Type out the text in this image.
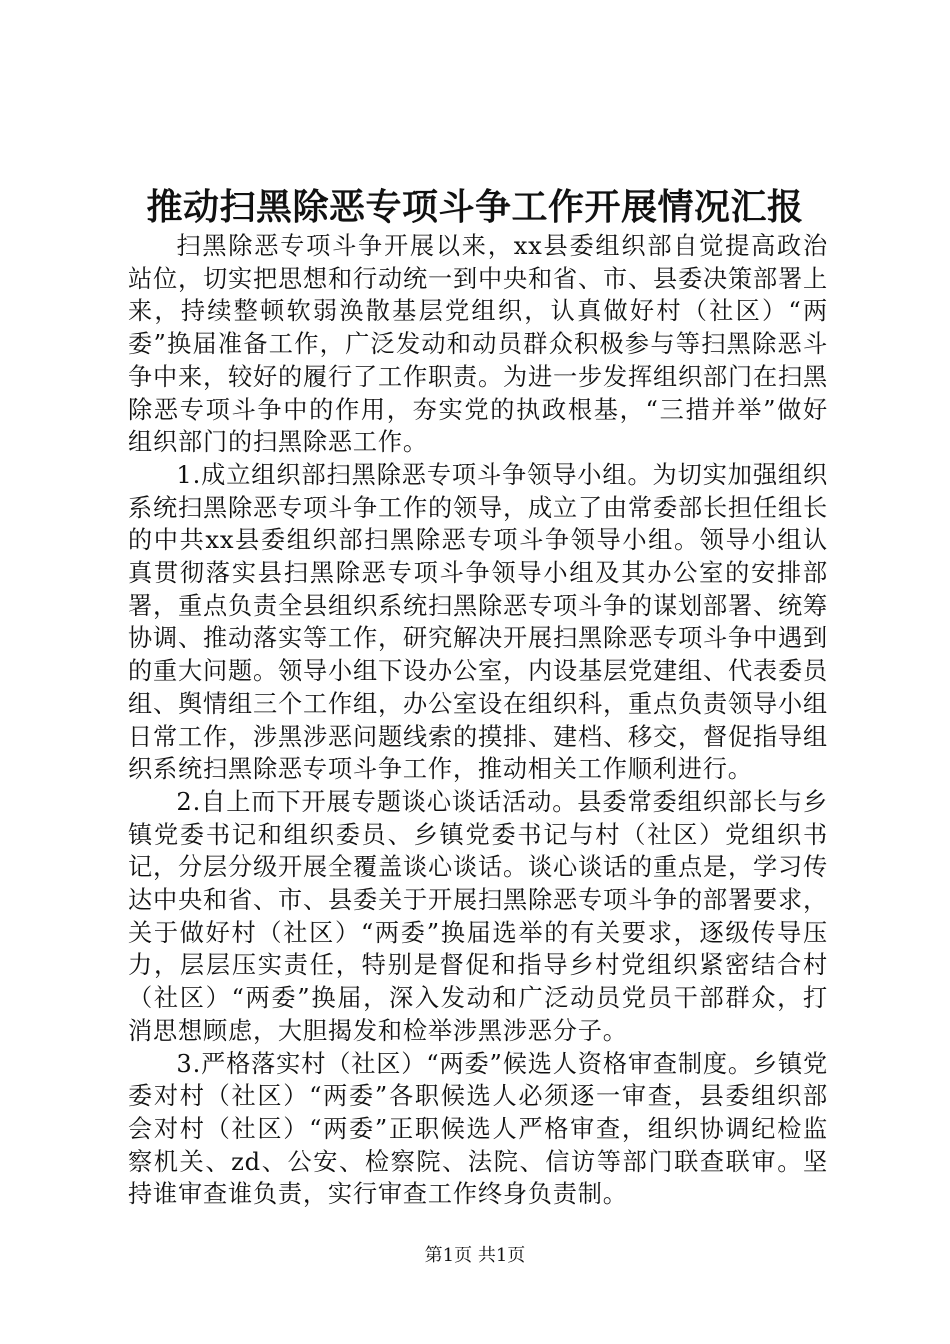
推动扫黑除恶专项斗争工作开展情况汇报

扫黑除恶专项斗争开展以来，xx县委组织部自觉提高政治站位，切实把思想和行动统一到中央和省、市、县委决策部署上来，持续整顿软弱涣散基层党组织，认真做好村（社区）“两委”换届准备工作，广泛发动和动员群众积极参与等扫黑除恶斗争中来，较好的履行了工作职责。为进一步发挥组织部门在扫黑除恶专项斗争中的作用，夯实党的执政根基，“三措并举”做好组织部门的扫黑除恶工作。

1.成立组织部扫黑除恶专项斗争领导小组。为切实加强组织系统扫黑除恶专项斗争工作的领导，成立了由常委部长担任组长的中共xx县委组织部扫黑除恶专项斗争领导小组。领导小组认真贯彻落实县扫黑除恶专项斗争领导小组及其办公室的安排部署，重点负责全县组织系统扫黑除恶专项斗争的谋划部署、统筹协调、推动落实等工作，研究解决开展扫黑除恶专项斗争中遇到的重大问题。领导小组下设办公室，内设基层党建组、代表委员组、舆情组三个工作组，办公室设在组织科，重点负责领导小组日常工作，涉黑涉恶问题线索的摸排、建档、移交，督促指导组织系统扫黑除恶专项斗争工作，推动相关工作顺利进行。

2.自上而下开展专题谈心谈话活动。县委常委组织部长与乡镇党委书记和组织委员、乡镇党委书记与村（社区）党组织书记，分层分级开展全覆盖谈心谈话。谈心谈话的重点是，学习传达中央和省、市、县委关于开展扫黑除恶专项斗争的部署要求，关于做好村（社区）“两委”换届选举的有关要求，逐级传导压力，层层压实责任，特别是督促和指导乡村党组织紧密结合村（社区）“两委”换届，深入发动和广泛动员党员干部群众，打消思想顾虑，大胆揭发和检举涉黑涉恶分子。

3.严格落实村（社区）“两委”候选人资格审查制度。乡镇党委对村（社区）“两委”各职候选人必须逐一审查，县委组织部会对村（社区）“两委”正职候选人严格审查，组织协调纪检监察机关、zd、公安、检察院、法院、信访等部门联查联审。坚持谁审查谁负责，实行审查工作终身负责制。

第1页 共1页
